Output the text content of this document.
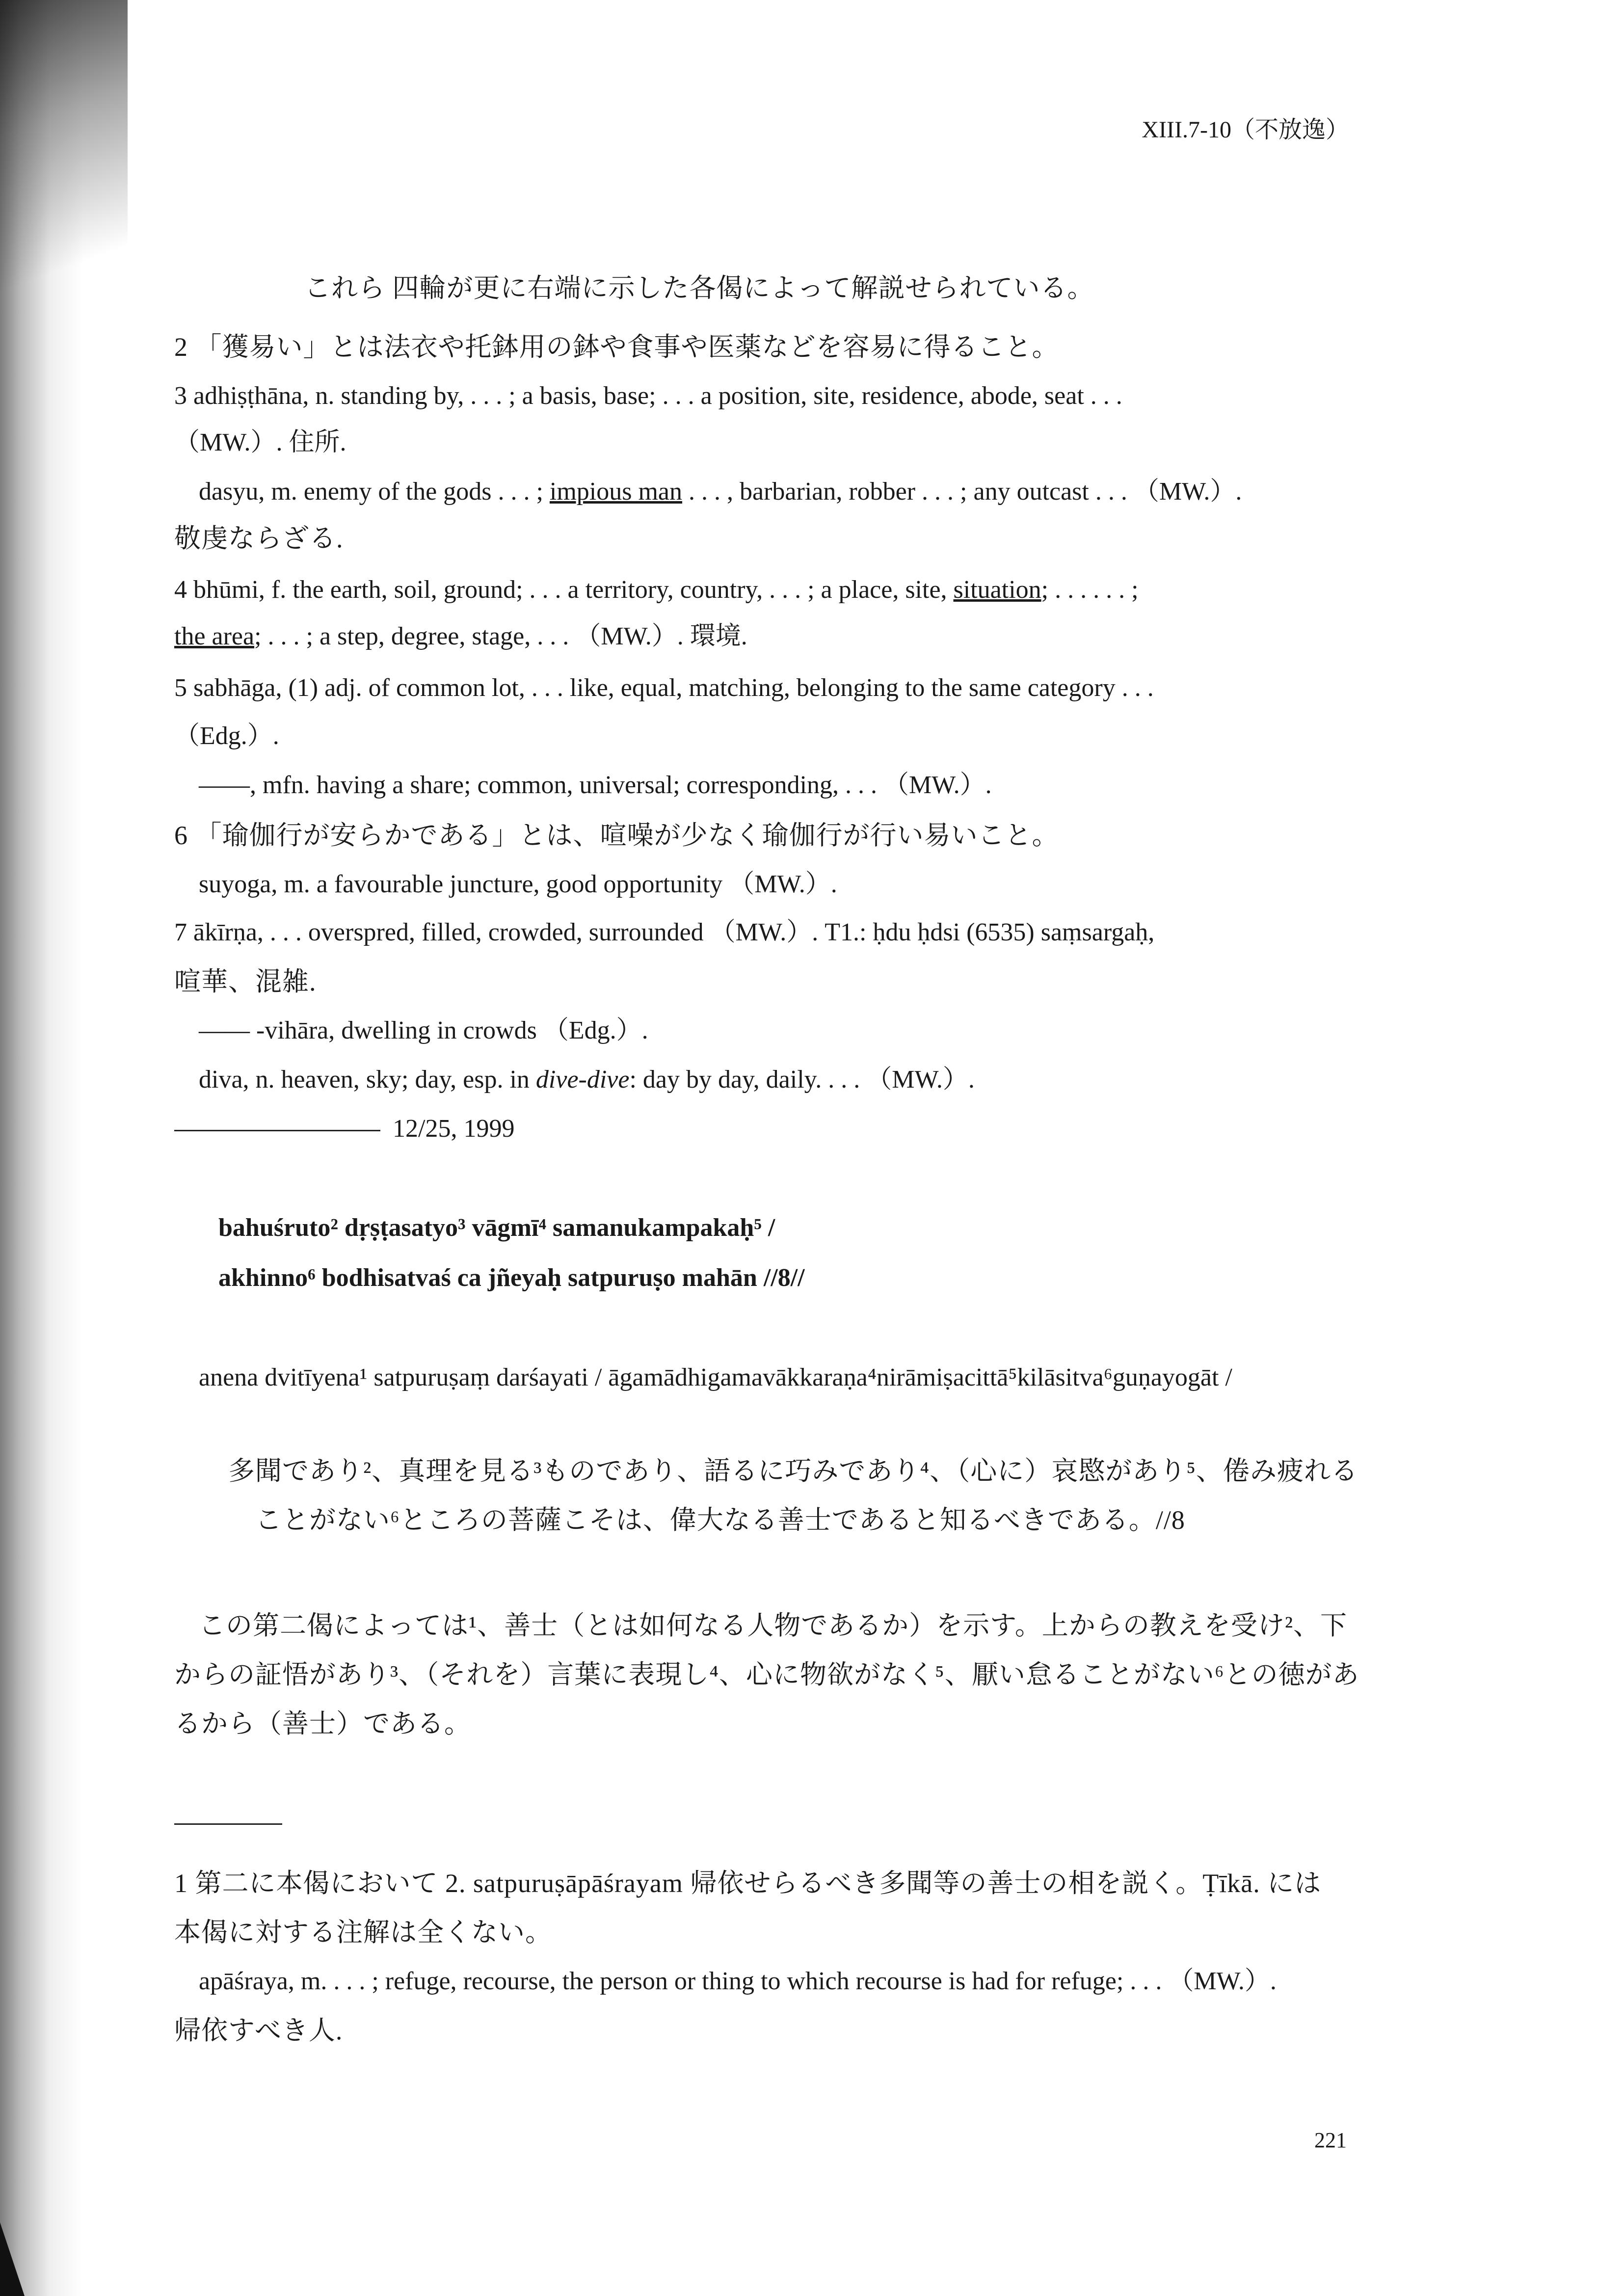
XIII.7-10（不放逸）
これら 四輪が更に右端に示した各偈によって解説せられている。
2 「獲易い」とは法衣や托鉢用の鉢や食事や医薬などを容易に得ること。
3 adhiṣṭhāna, n. standing by, . . . ; a basis, base; . . . a position, site, residence, abode, seat . . .
（MW.）. 住所.
dasyu, m. enemy of the gods . . . ; impious man . . . , barbarian, robber . . . ; any outcast . . . （MW.）.
敬虔ならざる.
4 bhūmi, f. the earth, soil, ground; . . . a territory, country, . . . ; a place, site, situation; . . . . . . ;
the area; . . . ; a step, degree, stage, . . . （MW.）. 環境.
5 sabhāga, (1) adj. of common lot, . . . like, equal, matching, belonging to the same category . . .
（Edg.）.
――, mfn. having a share; common, universal; corresponding, . . . （MW.）.
6 「瑜伽行が安らかである」とは、喧噪が少なく瑜伽行が行い易いこと。
suyoga, m. a favourable juncture, good opportunity （MW.）.
7 ākīrṇa, . . . overspred, filled, crowded, surrounded （MW.）. T1.: ḥdu ḥdsi (6535) saṃsargaḥ,
喧華、混雑.
―― -vihāra, dwelling in crowds （Edg.）.
diva, n. heaven, sky; day, esp. in dive-dive: day by day, daily. . . . （MW.）.
12/25, 1999
bahuśruto² dṛṣṭasatyo³ vāgmī⁴ samanukampakaḥ⁵ /
akhinno⁶ bodhisatvaś ca jñeyaḥ satpuruṣo mahān //8//
anena dvitīyena¹ satpuruṣaṃ darśayati / āgamādhigamavākkaraṇa⁴nirāmiṣacittā⁵kilāsitva⁶guṇayogāt /
多聞であり²、真理を見る³ものであり、語るに巧みであり⁴、（心に）哀愍があり⁵、倦み疲れる
ことがない⁶ところの菩薩こそは、偉大なる善士であると知るべきである。//8
この第二偈によっては¹、善士（とは如何なる人物であるか）を示す。上からの教えを受け²、下
からの証悟があり³、（それを）言葉に表現し⁴、心に物欲がなく⁵、厭い怠ることがない⁶との徳があ
るから（善士）である。
1 第二に本偈において 2. satpuruṣāpāśrayam 帰依せらるべき多聞等の善士の相を説く。Ṭīkā. には
本偈に対する注解は全くない。
apāśraya, m. . . . ; refuge, recourse, the person or thing to which recourse is had for refuge; . . . （MW.）.
帰依すべき人.
221
